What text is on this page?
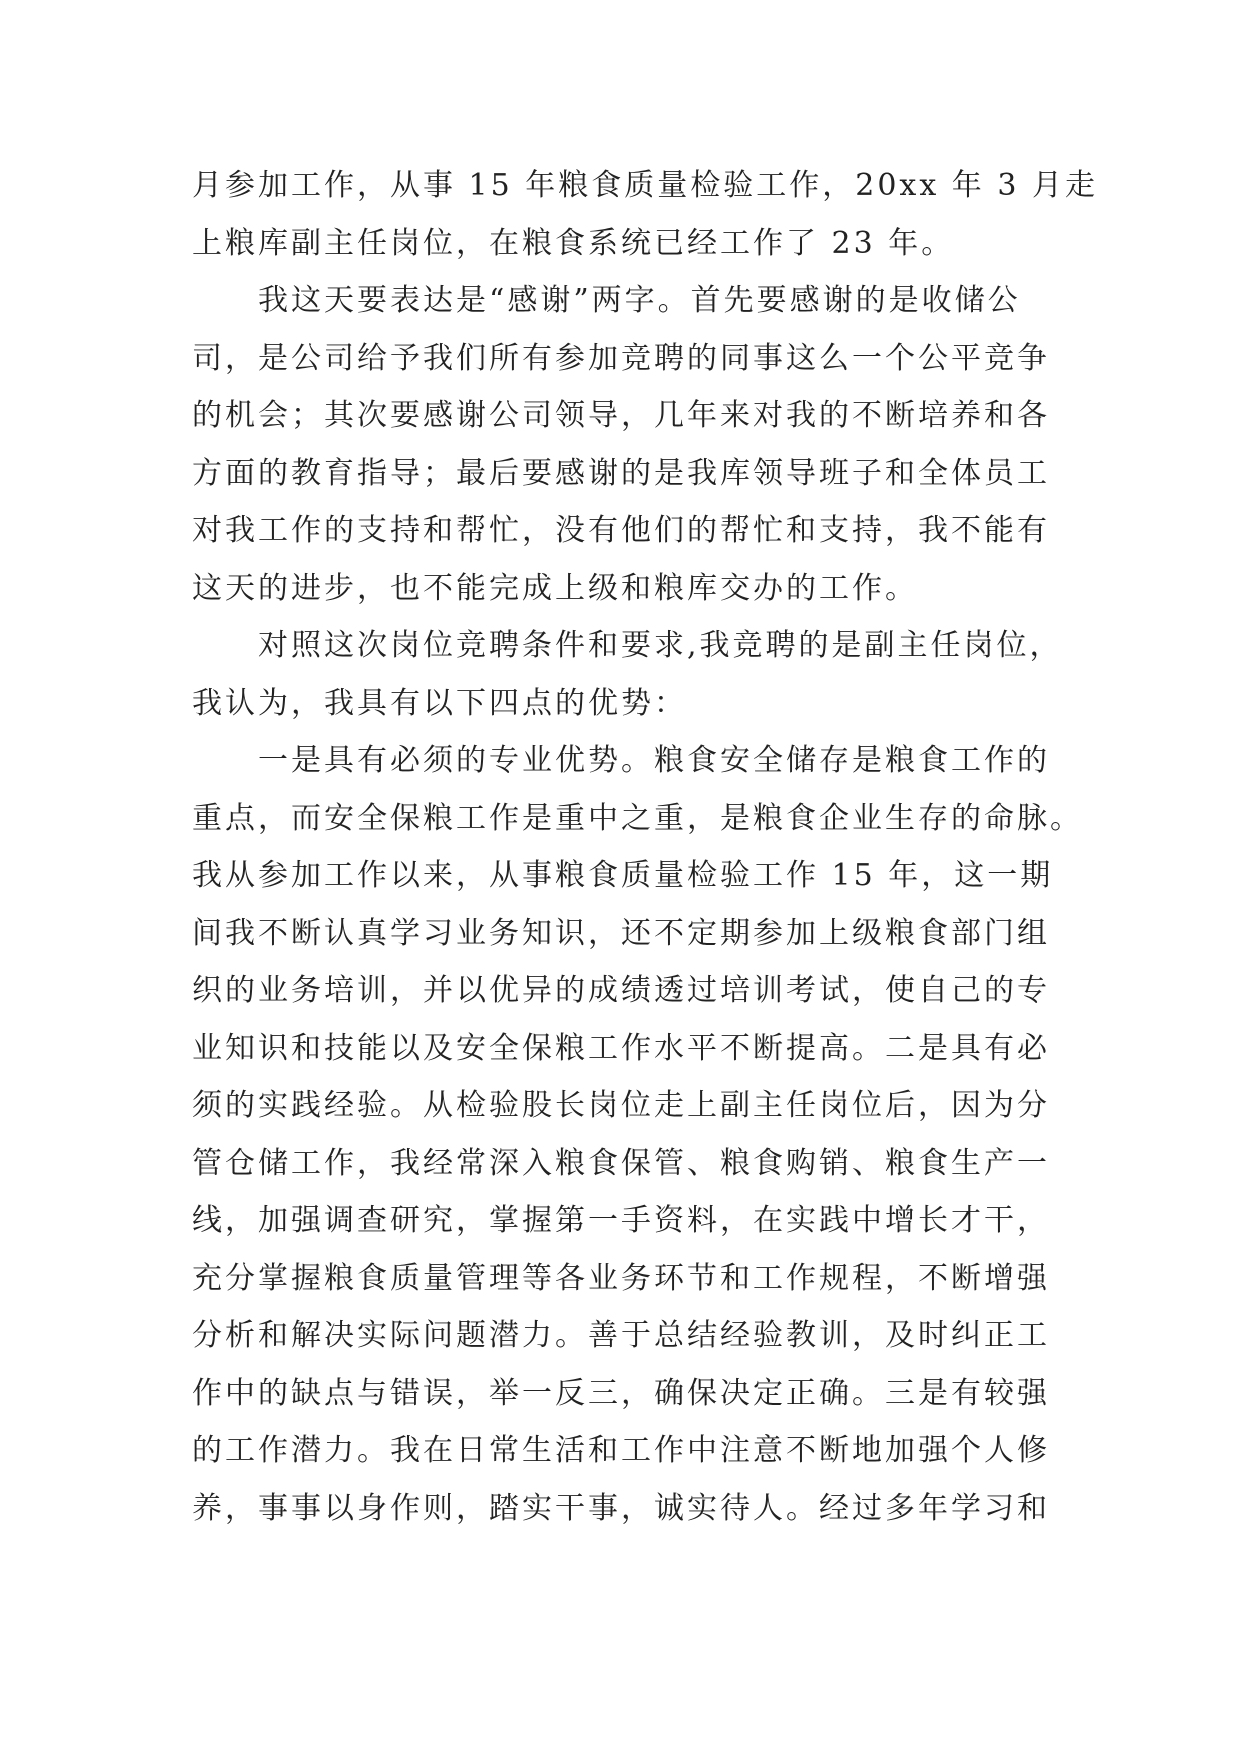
月参加工作，从事 15 年粮食质量检验工作，20xx 年 3 月走
上粮库副主任岗位，在粮食系统已经工作了 23 年。
我这天要表达是“感谢”两字。首先要感谢的是收储公
司，是公司给予我们所有参加竞聘的同事这么一个公平竞争
的机会；其次要感谢公司领导，几年来对我的不断培养和各
方面的教育指导；最后要感谢的是我库领导班子和全体员工
对我工作的支持和帮忙，没有他们的帮忙和支持，我不能有
这天的进步，也不能完成上级和粮库交办的工作。
对照这次岗位竞聘条件和要求,我竞聘的是副主任岗位，
我认为，我具有以下四点的优势：
一是具有必须的专业优势。粮食安全储存是粮食工作的
重点，而安全保粮工作是重中之重，是粮食企业生存的命脉。
我从参加工作以来，从事粮食质量检验工作 15 年，这一期
间我不断认真学习业务知识，还不定期参加上级粮食部门组
织的业务培训，并以优异的成绩透过培训考试，使自己的专
业知识和技能以及安全保粮工作水平不断提高。二是具有必
须的实践经验。从检验股长岗位走上副主任岗位后，因为分
管仓储工作，我经常深入粮食保管、粮食购销、粮食生产一
线，加强调查研究，掌握第一手资料，在实践中增长才干，
充分掌握粮食质量管理等各业务环节和工作规程，不断增强
分析和解决实际问题潜力。善于总结经验教训，及时纠正工
作中的缺点与错误，举一反三，确保决定正确。三是有较强
的工作潜力。我在日常生活和工作中注意不断地加强个人修
养，事事以身作则，踏实干事，诚实待人。经过多年学习和
